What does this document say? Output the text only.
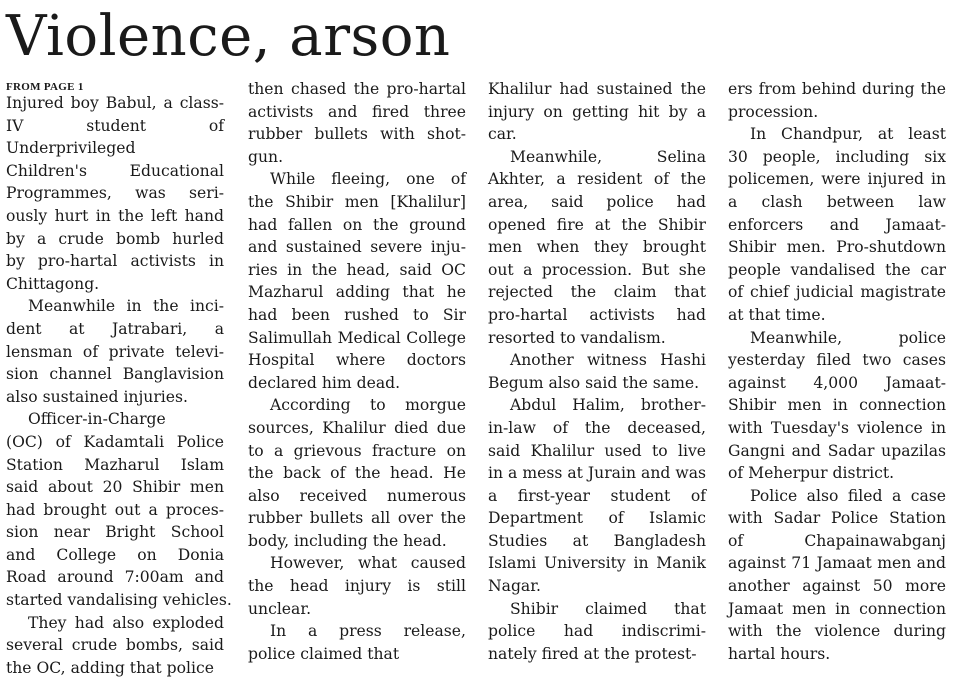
Violence, arson

FROM PAGE 1

Injured boy Babul, a class-
IV student of
Underprivileged
Children's Educational
Programmes, was seri-
ously hurt in the left hand
by a crude bomb hurled
by pro-hartal activists in
Chittagong.
Meanwhile in the inci-
dent at Jatrabari, a
lensman of private televi-
sion channel Banglavision
also sustained injuries.
Officer-in-Charge
(OC) of Kadamtali Police
Station Mazharul Islam
said about 20 Shibir men
had brought out a proces-
sion near Bright School
and College on Donia
Road around 7:00am and
started vandalising vehicles.
They had also exploded
several crude bombs, said
the OC, adding that police
then chased the pro-hartal
activists and fired three
rubber bullets with shot-
gun.
While fleeing, one of
the Shibir men [Khalilur]
had fallen on the ground
and sustained severe inju-
ries in the head, said OC
Mazharul adding that he
had been rushed to Sir
Salimullah Medical College
Hospital where doctors
declared him dead.
According to morgue
sources, Khalilur died due
to a grievous fracture on
the back of the head. He
also received numerous
rubber bullets all over the
body, including the head.
However, what caused
the head injury is still
unclear.
In a press release,
police claimed that
Khalilur had sustained the
injury on getting hit by a
car.
Meanwhile, Selina
Akhter, a resident of the
area, said police had
opened fire at the Shibir
men when they brought
out a procession. But she
rejected the claim that
pro-hartal activists had
resorted to vandalism.
Another witness Hashi
Begum also said the same.
Abdul Halim, brother-
in-law of the deceased,
said Khalilur used to live
in a mess at Jurain and was
a first-year student of
Department of Islamic
Studies at Bangladesh
Islami University in Manik
Nagar.
Shibir claimed that
police had indiscrimi-
nately fired at the protest-
ers from behind during the
procession.
In Chandpur, at least
30 people, including six
policemen, were injured in
a clash between law
enforcers and Jamaat-
Shibir men. Pro-shutdown
people vandalised the car
of chief judicial magistrate
at that time.
Meanwhile, police
yesterday filed two cases
against 4,000 Jamaat-
Shibir men in connection
with Tuesday's violence in
Gangni and Sadar upazilas
of Meherpur district.
Police also filed a case
with Sadar Police Station
of Chapainawabganj
against 71 Jamaat men and
another against 50 more
Jamaat men in connection
with the violence during
hartal hours.
